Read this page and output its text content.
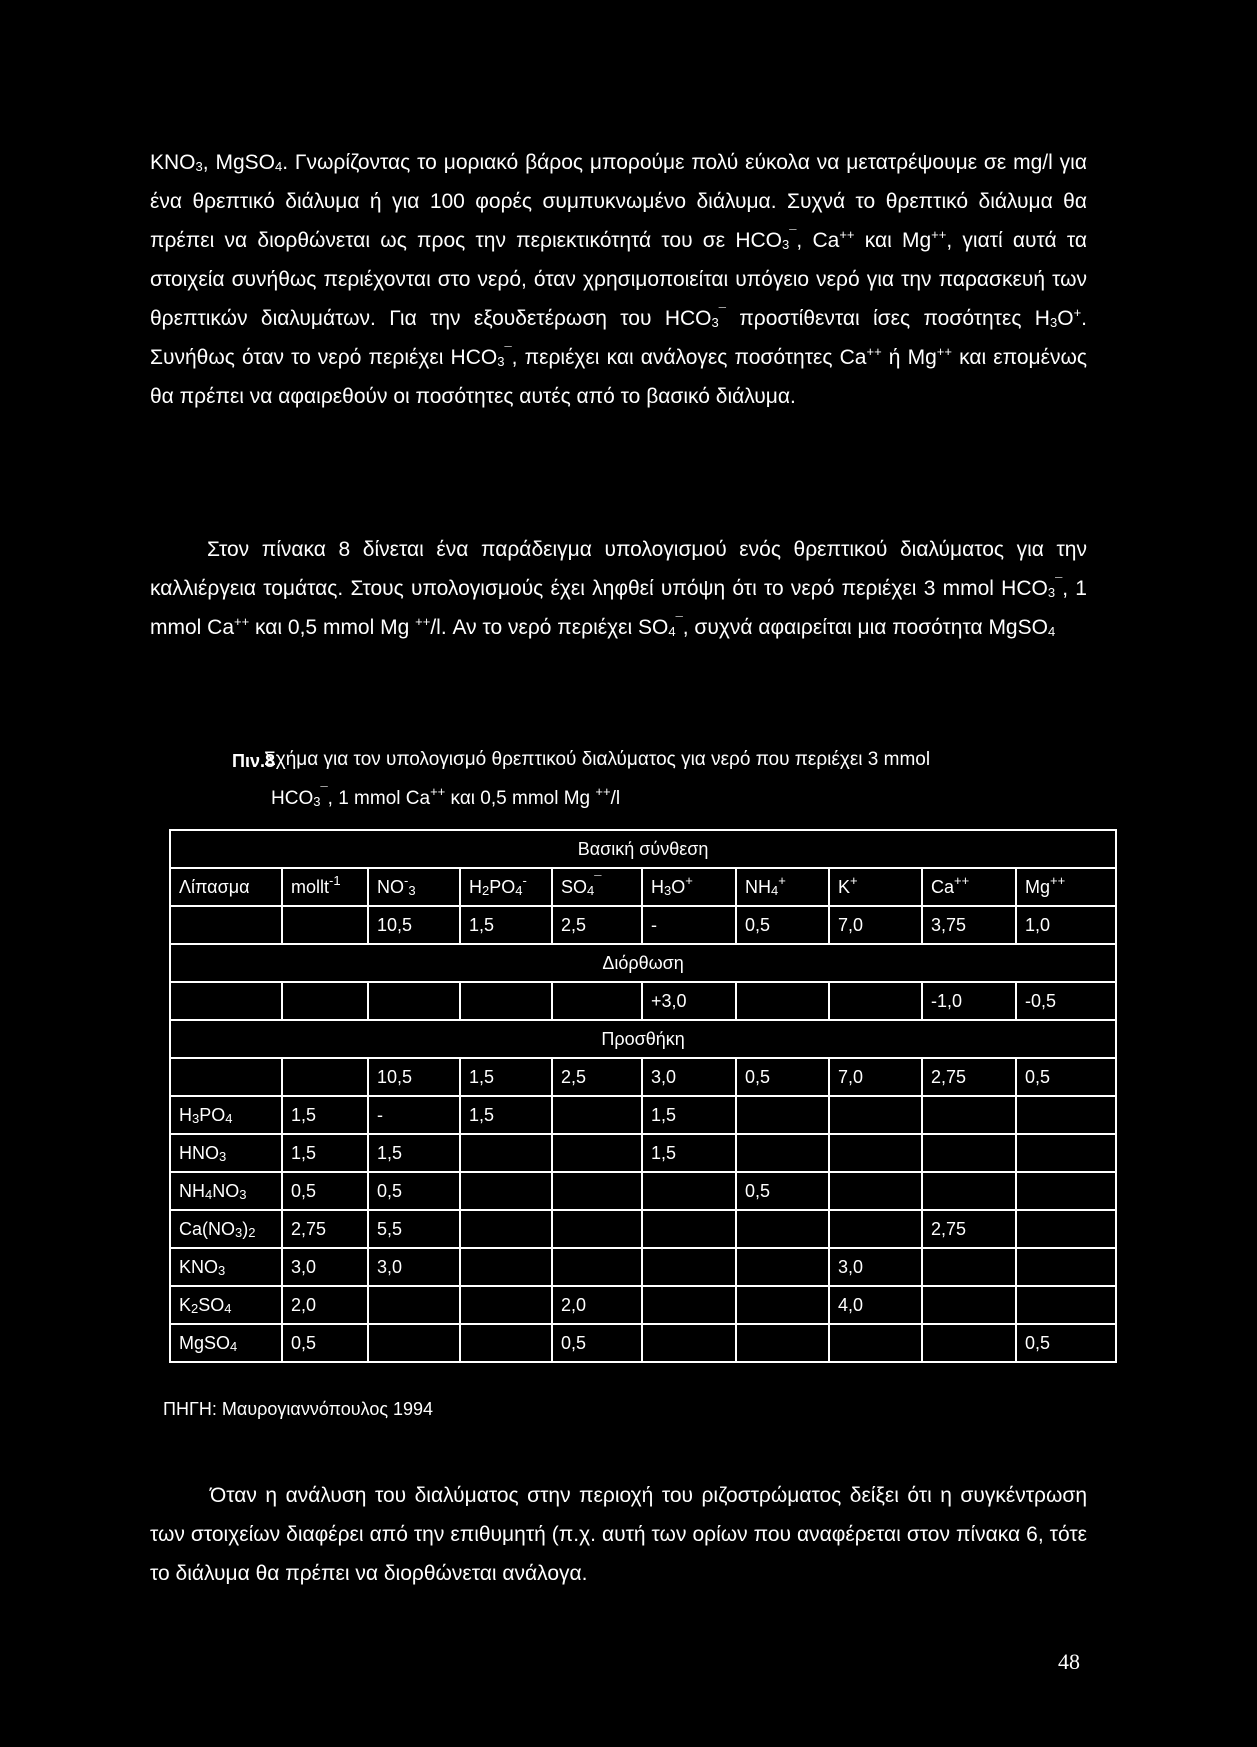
$KNO_3$, MgSO$_4$. Γνωρίζοντας το μοριακό βάρος μπορούμε πολύ εύκολα να μετατρέψουμε σε mg/l για ένα θρεπτικό διάλυμα ή για 100 φορές συμπυκνωμένο διάλυμα. Συχνά το θρεπτικό διάλυμα θα πρέπει να διορθώνεται ως προς την περιεκτικότητά του σε $HCO_3^¯$, Ca++ και Mg++, γιατί αυτά τα στοιχεία συνήθως περιέχονται στο νερό, όταν χρησιμοποιείται υπόγειο νερό για την παρασκευή των θρεπτικών διαλυμάτων. Για την εξουδετέρωση του $HCO_3^¯$ προστίθενται ίσες ποσότητες $H_3O^+$. Συνήθως όταν το νερό περιέχει $HCO_3^¯$, περιέχει και ανάλογες ποσότητες Ca++ ή Mg++ και επομένως θα πρέπει να αφαιρεθούν οι ποσότητες αυτές από το βασικό διάλυμα.

Στον πίνακα 8 δίνεται ένα παράδειγμα υπολογισμού ενός θρεπτικού διαλύματος για την καλλιέργεια τομάτας. Στους υπολογισμούς έχει ληφθεί υπόψη ότι το νερό περιέχει 3 mmol $HCO_3^¯$, 1 mmol Ca++ και 0,5 mmol Mg ++/l. Αν το νερό περιέχει $SO_4^¯$, συχνά αφαιρείται μια ποσότητα MgSO$_4$

Πιν.8
Σχήμα για τον υπολογισμό θρεπτικού διαλύματος για νερό που περιέχει 3 mmol
$HCO_3^¯$, 1 mmol Ca++ και 0,5 mmol Mg ++/l
Βασική σύνθεση									
Λίπασμα	mollt$^{-1}$	$NO^-_3$	$H_2PO_4^-$	$SO_4^¯$	$H_3O^+$	$NH_4^+$	K+	Ca++	Mg++
		10,5	1,5	2,5	-	0,5	7,0	3,75	1,0
Διόρθωση									
					+3,0			-1,0	-0,5
Προσθήκη									
		10,5	1,5	2,5	3,0	0,5	7,0	2,75	0,5
$H_3PO_4$	1,5	-	1,5		1,5				
$HNO_3$	1,5	1,5			1,5				
$NH_4NO_3$	0,5	0,5				0,5			
$Ca(NO_3)_2$	2,75	5,5						2,75	
$KNO_3$	3,0	3,0					3,0		
$K_2SO_4$	2,0			2,0			4,0		
MgSO$_4$	0,5			0,5					0,5
ΠΗΓΗ: Μαυρογιαννόπουλος 1994

Όταν η ανάλυση του διαλύματος στην περιοχή του ριζοστρώματος δείξει ότι η συγκέντρωση των στοιχείων διαφέρει από την επιθυμητή (π.χ. αυτή των ορίων που αναφέρεται στον πίνακα 6, τότε το διάλυμα θα πρέπει να διορθώνεται ανάλογα.

48
